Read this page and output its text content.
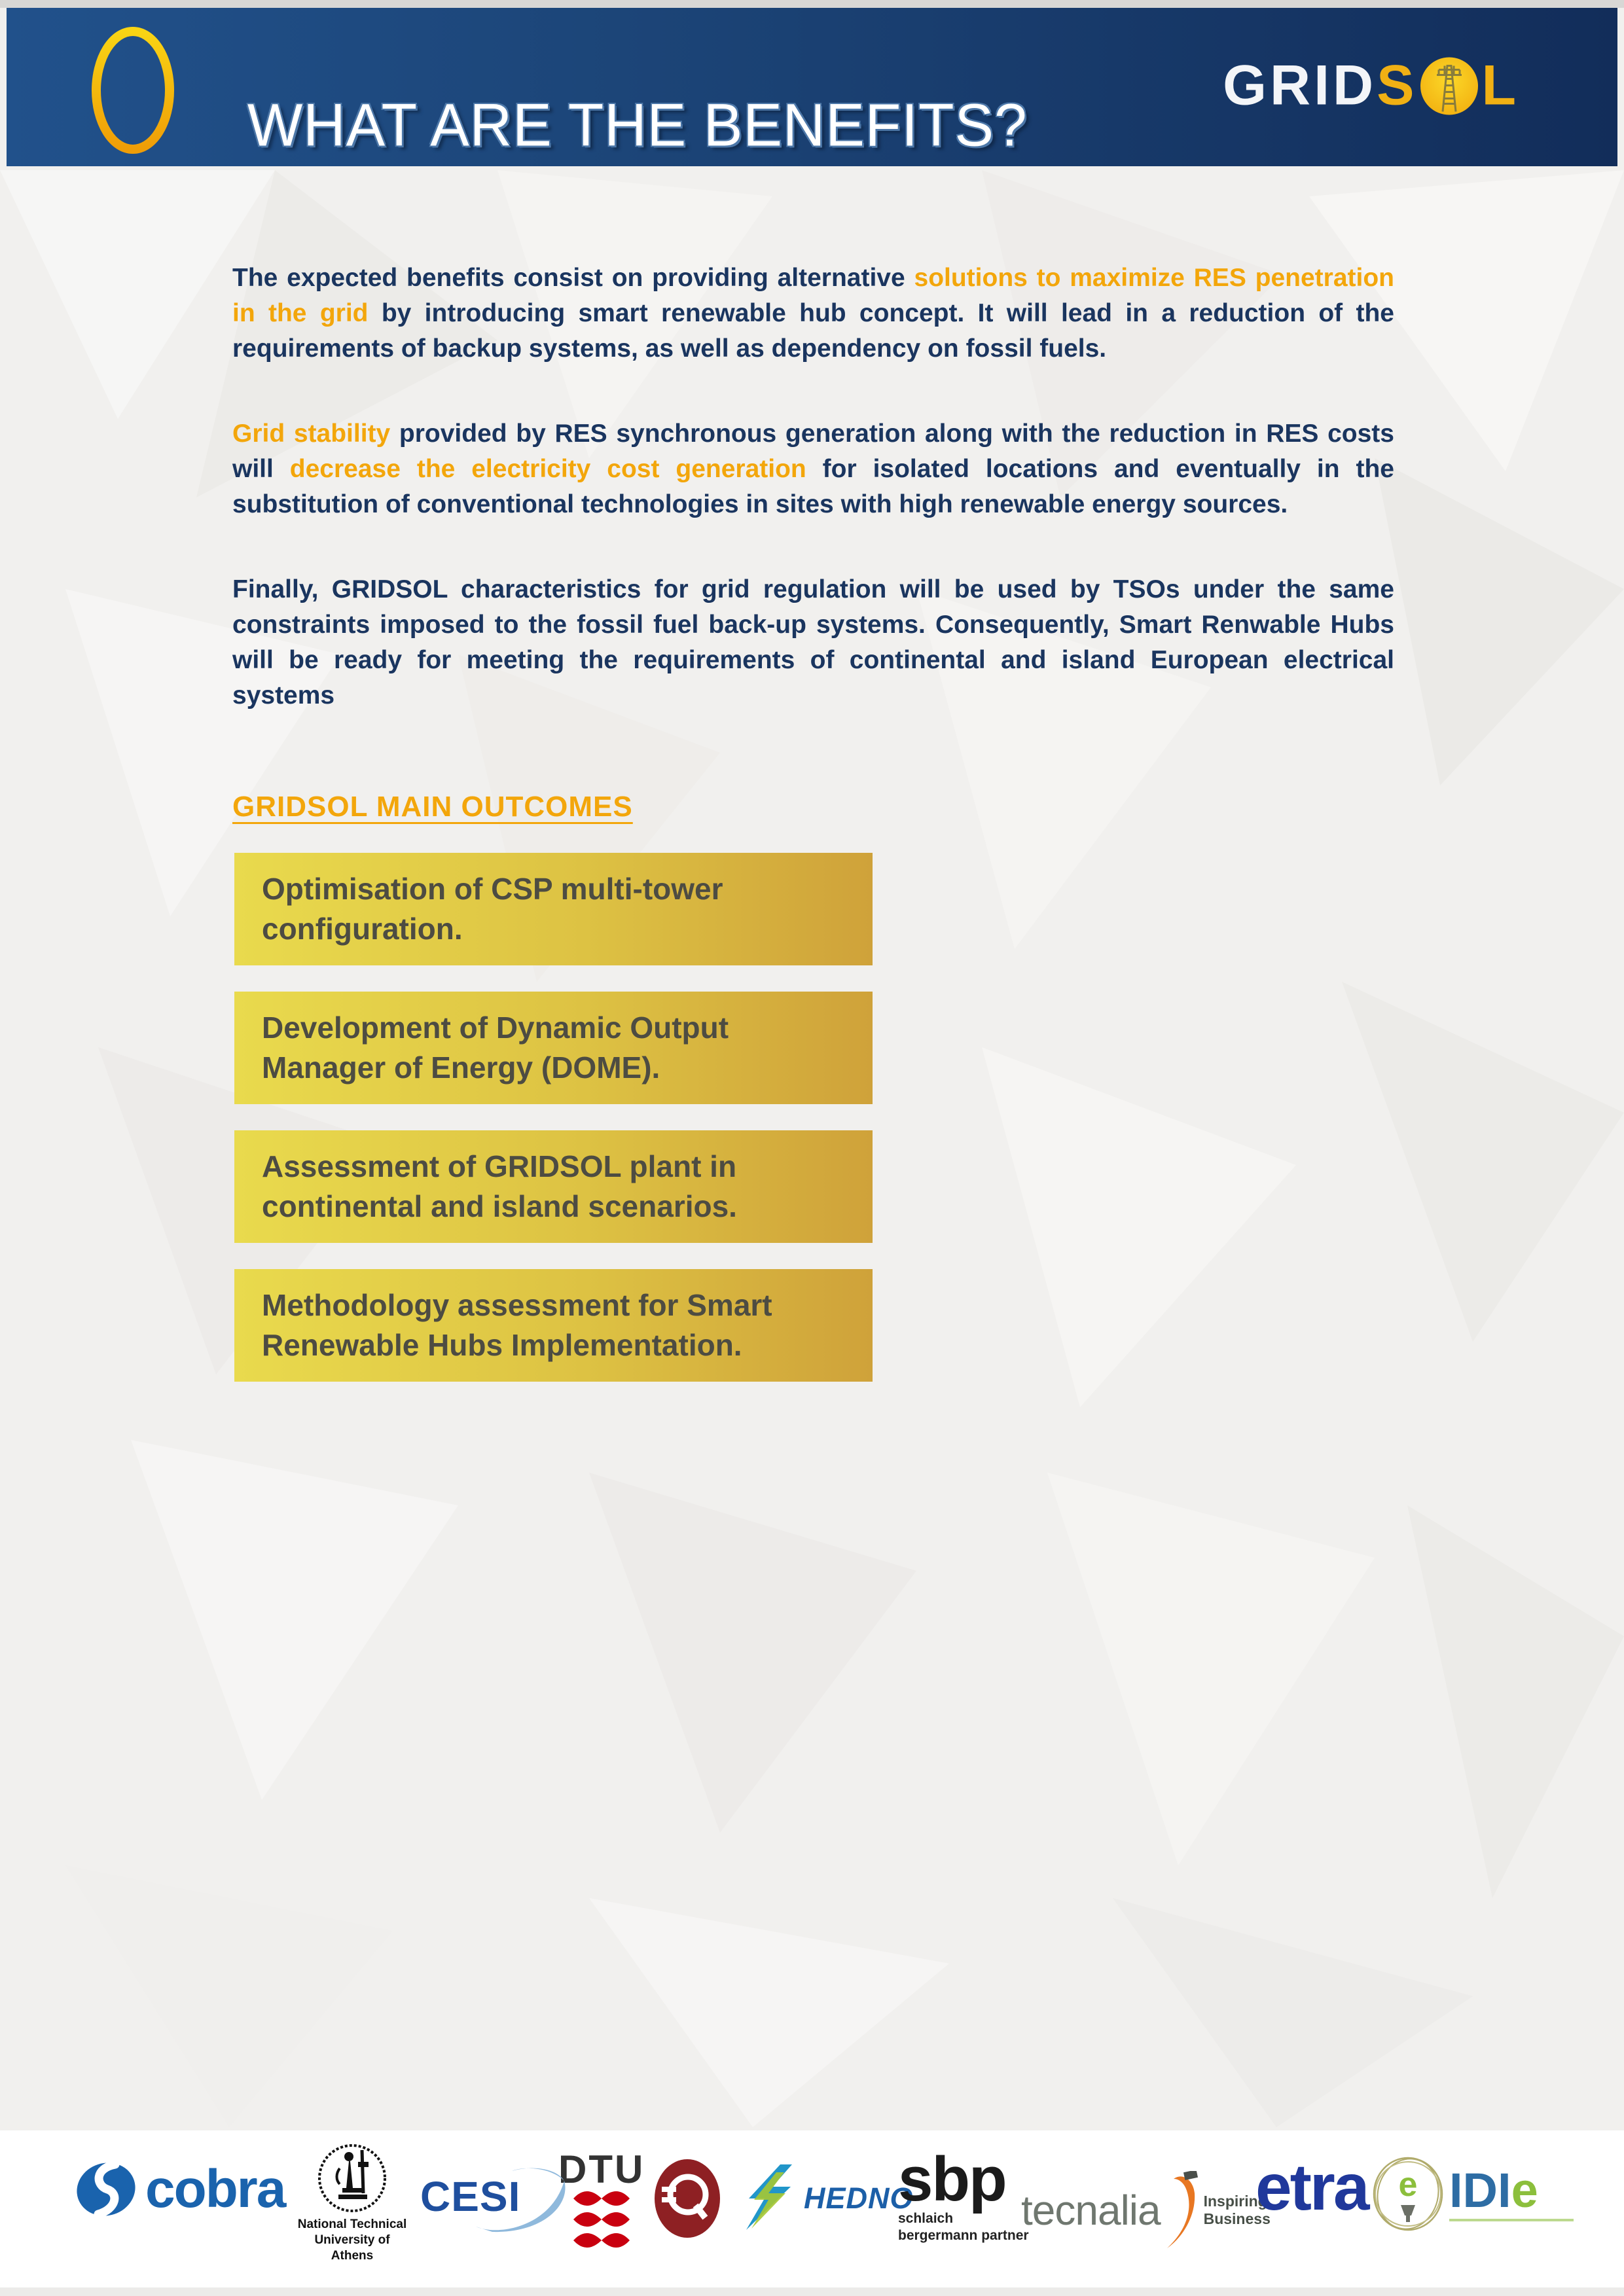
WHAT ARE THE BENEFITS?
GRID S L

The expected benefits consist on providing alternative solutions to maximize RES penetration in the grid by introducing smart renewable hub concept. It will lead in a reduction of the requirements of backup systems, as well as dependency on fossil fuels.

Grid stability provided by RES synchronous generation along with the reduction in RES costs will decrease the electricity cost generation for isolated locations and eventually in the substitution of conventional technologies in sites with high renewable energy sources.

Finally, GRIDSOL characteristics for grid regulation will be used by TSOs under the same constraints imposed to the fossil fuel back-up systems. Consequently, Smart Renwable Hubs will be ready for meeting the requirements of continental and island European electrical systems

GRIDSOL MAIN OUTCOMES
Optimisation of CSP multi-tower configuration.
Development of Dynamic Output Manager of Energy (DOME).
Assessment of GRIDSOL plant in continental and island scenarios.
Methodology assessment for Smart Renewable Hubs Implementation.
cobra
National Technical
University of Athens
CESI
DTU
HEDNO
sbp
schlaich
bergermann partner
tecnalia	Inspiring
Business
etra e IDIe
